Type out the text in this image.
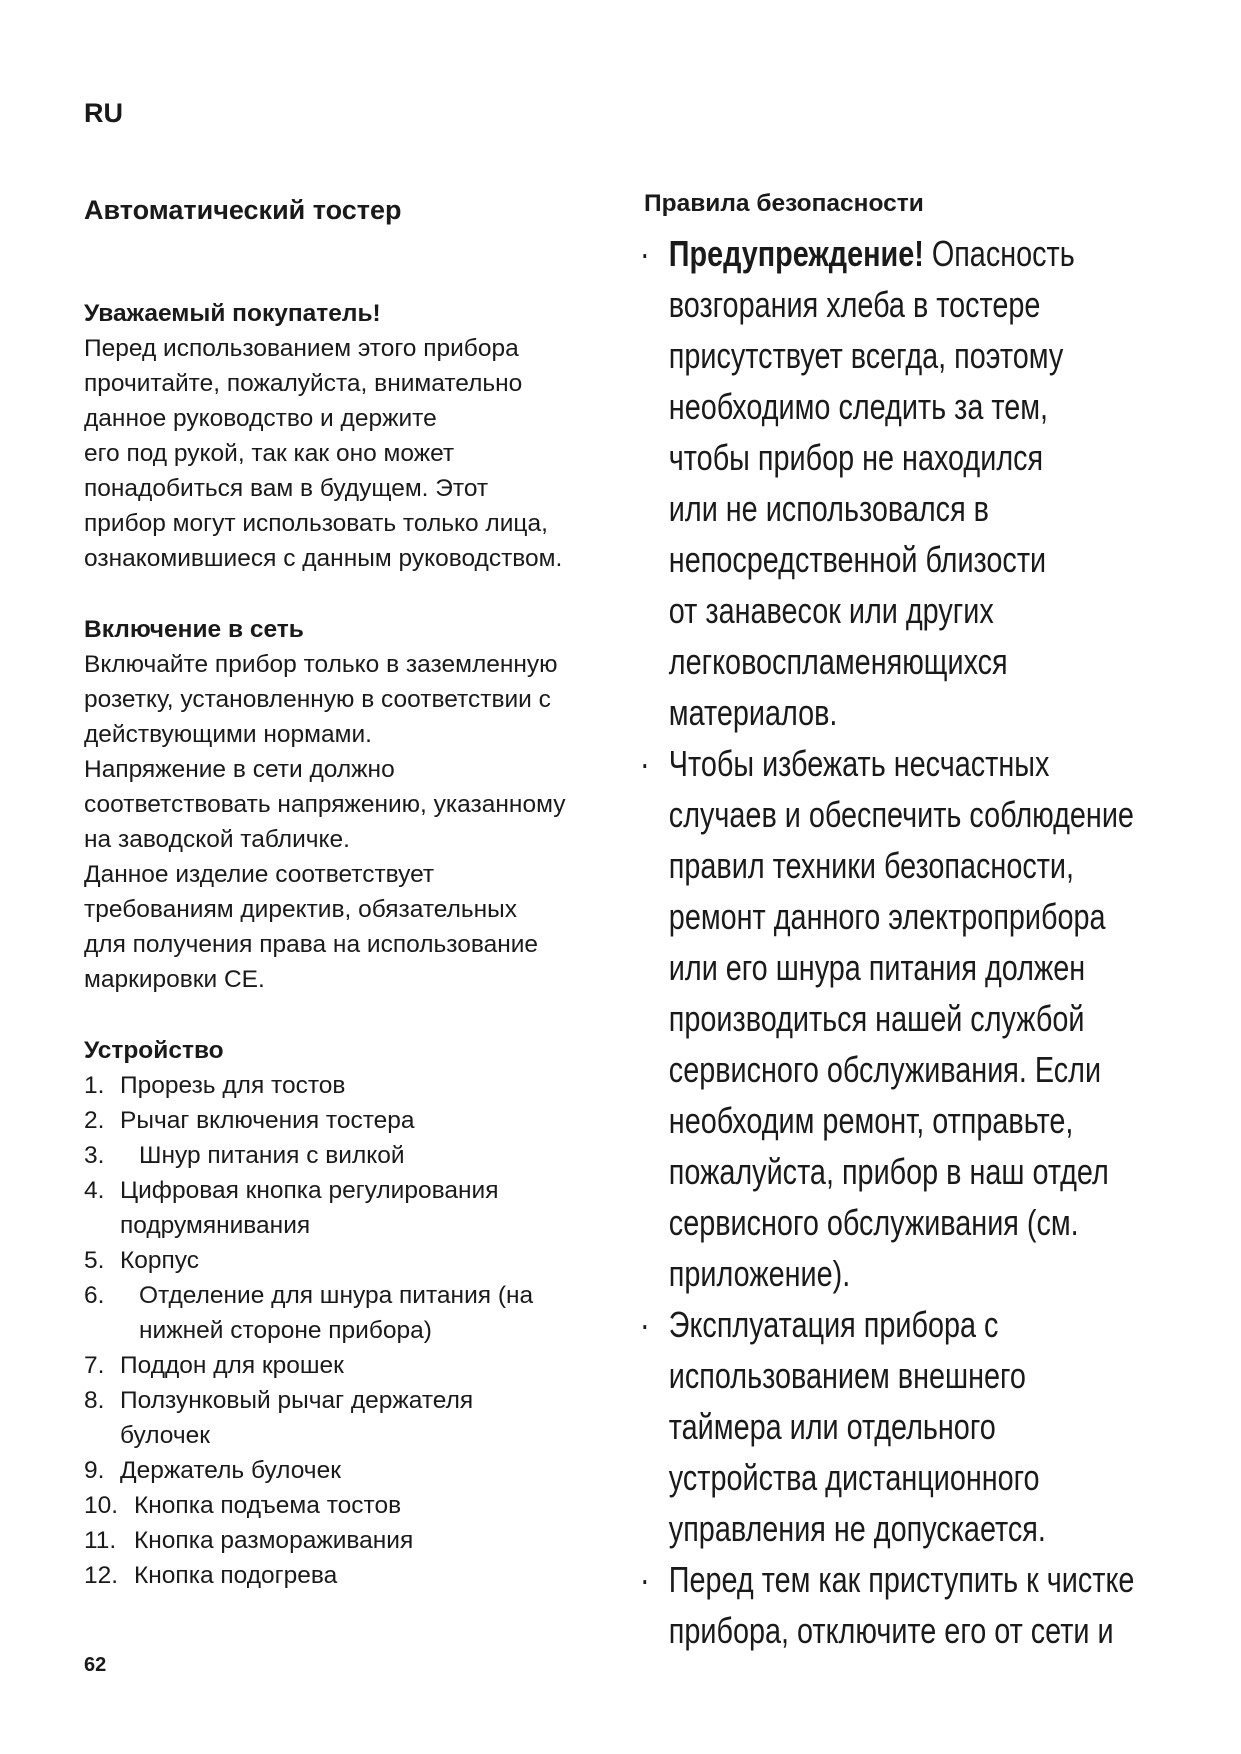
RU
Автоматический тостер
Уважаемый покупатель!

Перед использованием этого прибора
прочитайте, пожалуйста, внимательно
данное руководство и держите
его под рукой, так как оно может
понадобиться вам в будущем. Этот
прибор могут использовать только лица,
ознакомившиеся с данным руководством.

Включение в сеть

Включайте прибор только в заземленную
розетку, установленную в соответствии с
действующими нормами.
Напряжение в сети должно
соответствовать напряжению, указанному
на заводской табличке.
Данное изделие соответствует
требованиям директив, обязательных
для получения права на использование
маркировки CE.

Устройство
1. Прорезь для тостов
2. Рычаг включения тостера
3.	Шнур питания с вилкой
4. Цифровая кнопка регулирования
подрумянивания
5. Корпус
6.	Отделение для шнура питания (на
нижней стороне прибора)
7. Поддон для крошек
8. Ползунковый рычаг держателя
булочек
9. Держатель булочек
10. Кнопка подъема тостов
11. Кнопка размораживания
12. Кнопка подогрева
Правила безопасности
· Предупреждение! Опасность
возгорания хлеба в тостере
присутствует всегда, поэтому
необходимо следить за тем,
чтобы прибор не находился
или не использовался в
непосредственной близости
от занавесок или других
легковоспламеняющихся
материалов.
· Чтобы избежать несчастных
случаев и обеспечить соблюдение
правил техники безопасности,
ремонт данного электроприбора
или его шнура питания должен
производиться нашей службой
сервисного обслуживания. Если
необходим ремонт, отправьте,
пожалуйста, прибор в наш отдел
сервисного обслуживания (см.
приложение).
· Эксплуатация прибора с
использованием внешнего
таймера или отдельного
устройства дистанционного
управления не допускается.
· Перед тем как приступить к чистке
прибора, отключите его от сети и
62
